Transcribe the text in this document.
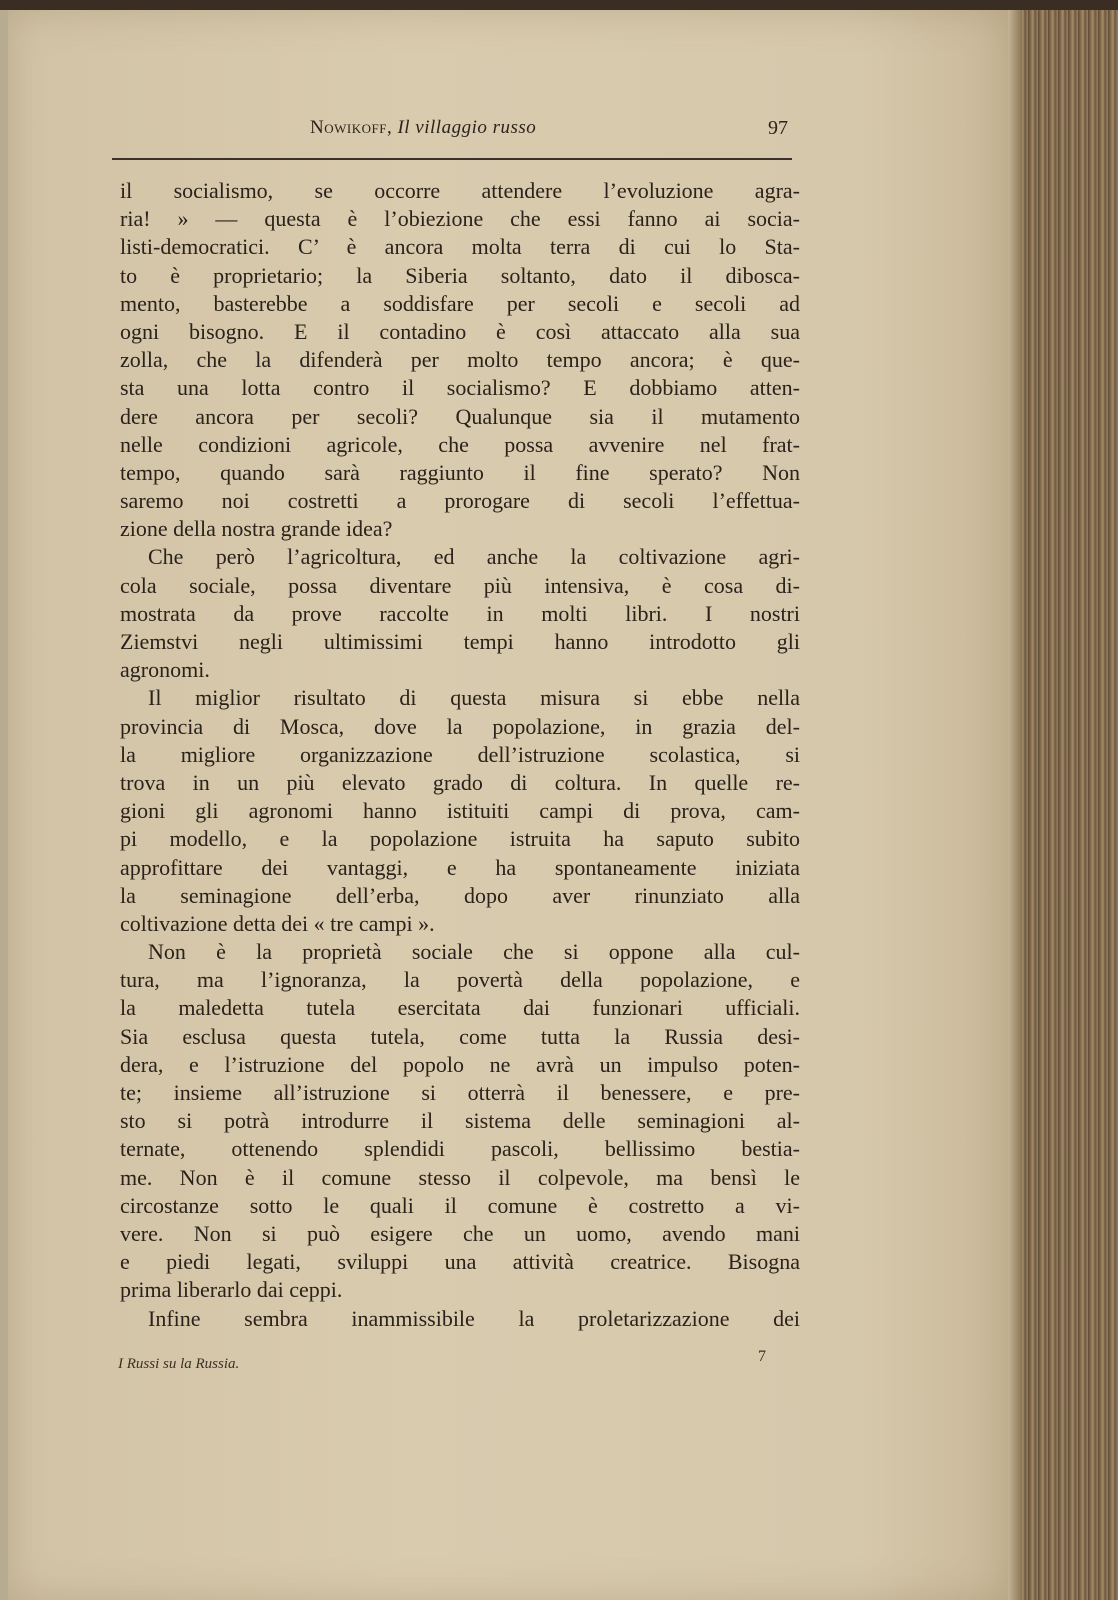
Nowikoff, Il villaggio russo	97
il socialismo, se occorre attendere l’evoluzione agra-
ria! » — questa è l’obiezione che essi fanno ai socia-
listi-democratici. C’ è ancora molta terra di cui lo Sta-
to è proprietario; la Siberia soltanto, dato il dibosca-
mento, basterebbe a soddisfare per secoli e secoli ad
ogni bisogno. E il contadino è così attaccato alla sua
zolla, che la difenderà per molto tempo ancora; è que-
sta una lotta contro il socialismo? E dobbiamo atten-
dere ancora per secoli? Qualunque sia il mutamento
nelle condizioni agricole, che possa avvenire nel frat-
tempo, quando sarà raggiunto il fine sperato? Non
saremo noi costretti a prorogare di secoli l’effettua-
zione della nostra grande idea?
Che però l’agricoltura, ed anche la coltivazione agri-
cola sociale, possa diventare più intensiva, è cosa di-
mostrata da prove raccolte in molti libri. I nostri
Ziemstvi negli ultimissimi tempi hanno introdotto gli
agronomi.
Il miglior risultato di questa misura si ebbe nella
provincia di Mosca, dove la popolazione, in grazia del-
la migliore organizzazione dell’istruzione scolastica, si
trova in un più elevato grado di coltura. In quelle re-
gioni gli agronomi hanno istituiti campi di prova, cam-
pi modello, e la popolazione istruita ha saputo subito
approfittare dei vantaggi, e ha spontaneamente iniziata
la seminagione dell’erba, dopo aver rinunziato alla
coltivazione detta dei « tre campi ».
Non è la proprietà sociale che si oppone alla cul-
tura, ma l’ignoranza, la povertà della popolazione, e
la maledetta tutela esercitata dai funzionari ufficiali.
Sia esclusa questa tutela, come tutta la Russia desi-
dera, e l’istruzione del popolo ne avrà un impulso poten-
te; insieme all’istruzione si otterrà il benessere, e pre-
sto si potrà introdurre il sistema delle seminagioni al-
ternate, ottenendo splendidi pascoli, bellissimo bestia-
me. Non è il comune stesso il colpevole, ma bensì le
circostanze sotto le quali il comune è costretto a vi-
vere. Non si può esigere che un uomo, avendo mani
e piedi legati, sviluppi una attività creatrice. Bisogna
prima liberarlo dai ceppi.
Infine sembra inammissibile la proletarizzazione dei
I Russi su la Russia.	7
